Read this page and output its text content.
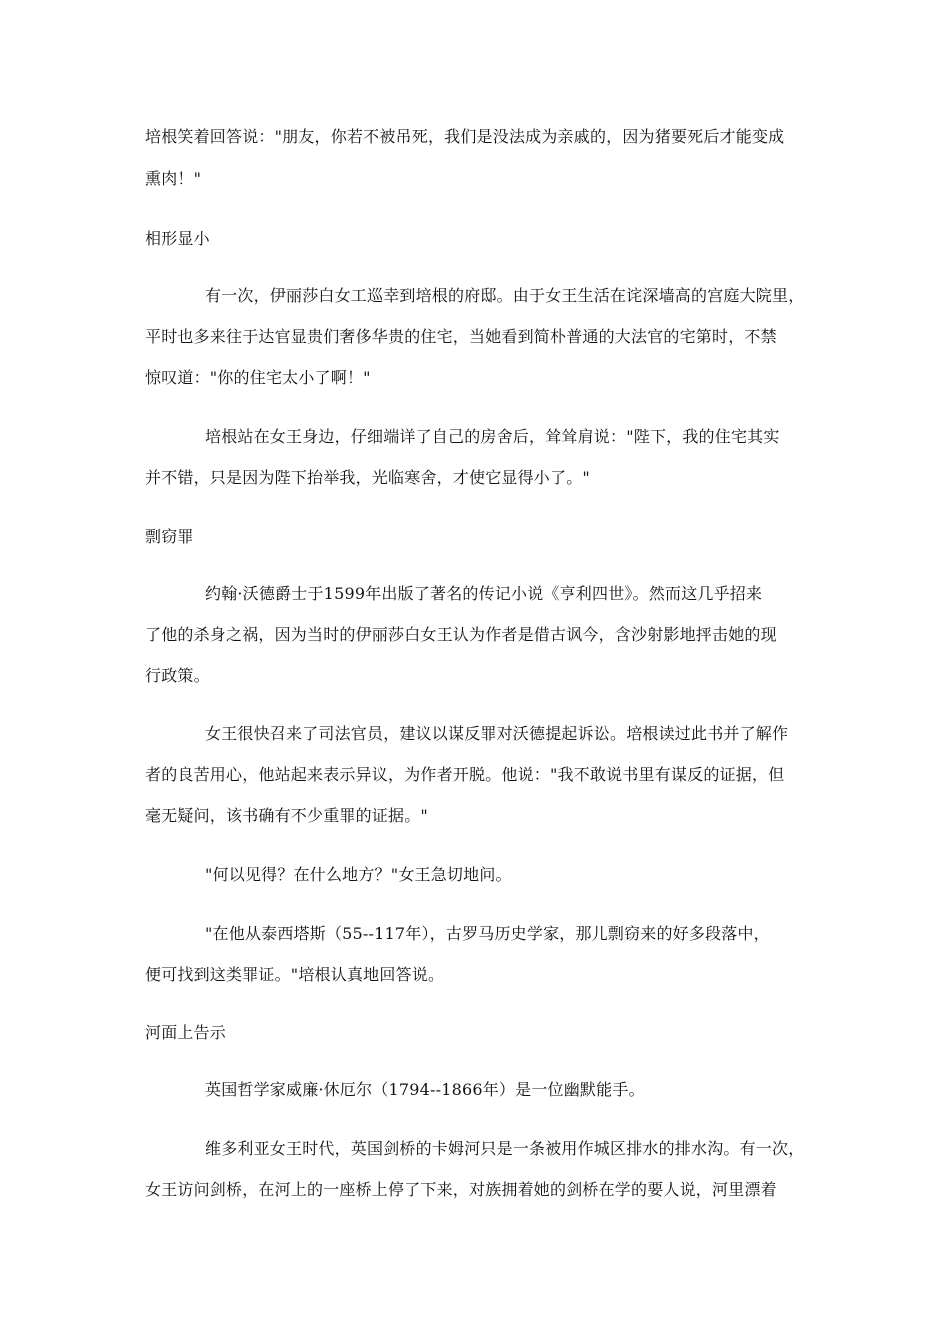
培根笑着回答说："朋友，你若不被吊死，我们是没法成为亲戚的，因为猪要死后才能变成
熏肉！"
相形显小
有一次，伊丽莎白女工巡幸到培根的府邸。由于女王生活在诧深墙高的宫庭大院里，
平时也多来往于达官显贵们奢侈华贵的住宅，当她看到简朴普通的大法官的宅第时，不禁
惊叹道："你的住宅太小了啊！"
培根站在女王身边，仔细端详了自己的房舍后，耸耸肩说："陛下，我的住宅其实
并不错，只是因为陛下抬举我，光临寒舍，才使它显得小了。"
剽窃罪
约翰·沃德爵士于1599年出版了著名的传记小说《亨利四世》。然而这几乎招来
了他的杀身之祸，因为当时的伊丽莎白女王认为作者是借古讽今，含沙射影地抨击她的现
行政策。
女王很快召来了司法官员，建议以谋反罪对沃德提起诉讼。培根读过此书并了解作
者的良苦用心，他站起来表示异议，为作者开脱。他说："我不敢说书里有谋反的证据，但
毫无疑问，该书确有不少重罪的证据。"
"何以见得？在什么地方？"女王急切地问。
"在他从泰西塔斯（55--117年），古罗马历史学家，那儿剽窃来的好多段落中，
便可找到这类罪证。"培根认真地回答说。
河面上告示
英国哲学家威廉·休厄尔（1794--1866年）是一位幽默能手。
维多利亚女王时代，英国剑桥的卡姆河只是一条被用作城区排水的排水沟。有一次，
女王访问剑桥，在河上的一座桥上停了下来，对族拥着她的剑桥在学的要人说，河里漂着
